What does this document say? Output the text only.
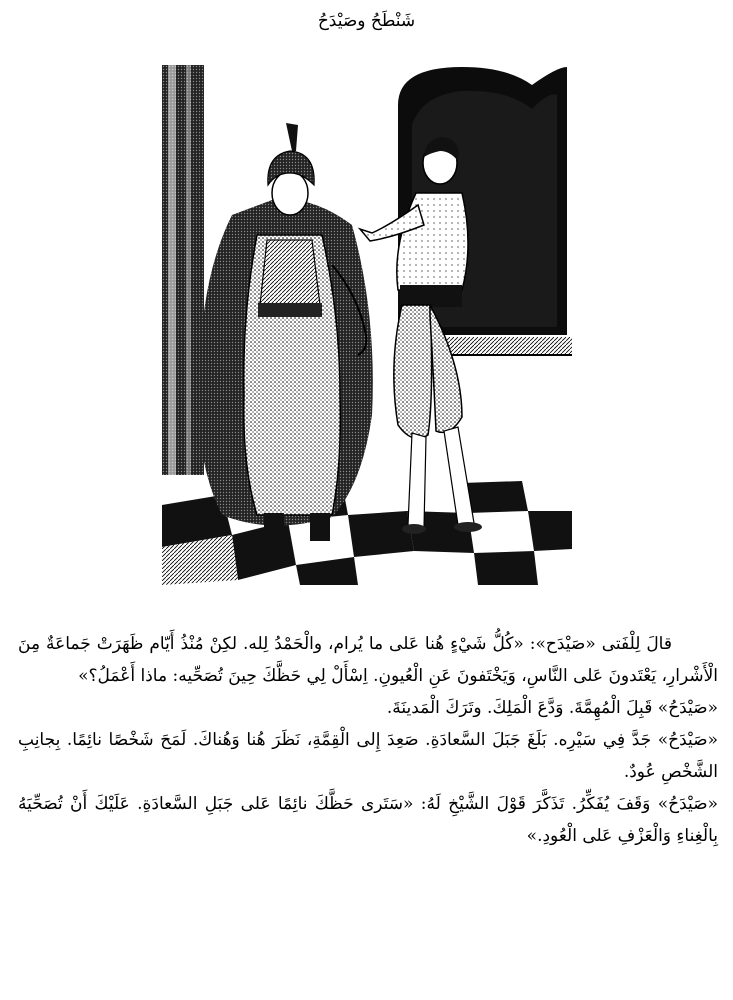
شَنْطَحُ وصَيْدَحُ

قالَ لِلْفَتى «صَيْدَح»: «كُلُّ شَيْءٍ هُنا عَلى ما يُرام، والْحَمْدُ لِله. لكِنْ مُنْذُ أَيّام ظَهَرَتْ جَماعَةٌ مِنَ الْأَشْرارِ، يَعْتَدونَ عَلى النَّاسِ، وَيَخْتَفونَ عَنِ الْعُيونِ. اِسْأَلْ لِي حَظَّكَ حِينَ تُصَحِّيه: ماذا أَعْمَلُ؟»

«صَيْدَحُ» قَبِلَ الْمُهِمَّةَ. وَدَّعَ الْمَلِكَ. وتَرَكَ الْمَدينَةَ.

«صَيْدَحُ» جَدَّ فِي سَيْرِه. بَلَغَ جَبَلَ السَّعادَةِ. صَعِدَ إِلى الْقِمَّةِ، نَظَرَ هُنا وَهُناكَ. لَمَحَ شَخْصًا نائِمًا. بِجانِبِ الشَّخْصِ عُودٌ.

«صَيْدَحُ» وَقَفَ يُفَكِّرُ. تَذَكَّرَ قَوْلَ الشَّيْخِ لَهُ: «سَتَرى حَظَّكَ نائِمًا عَلى جَبَلِ السَّعادَةِ. عَلَيْكَ أَنْ تُصَحِّيَهُ بِالْغِناءِ وَالْعَزْفِ عَلى الْعُودِ.»
